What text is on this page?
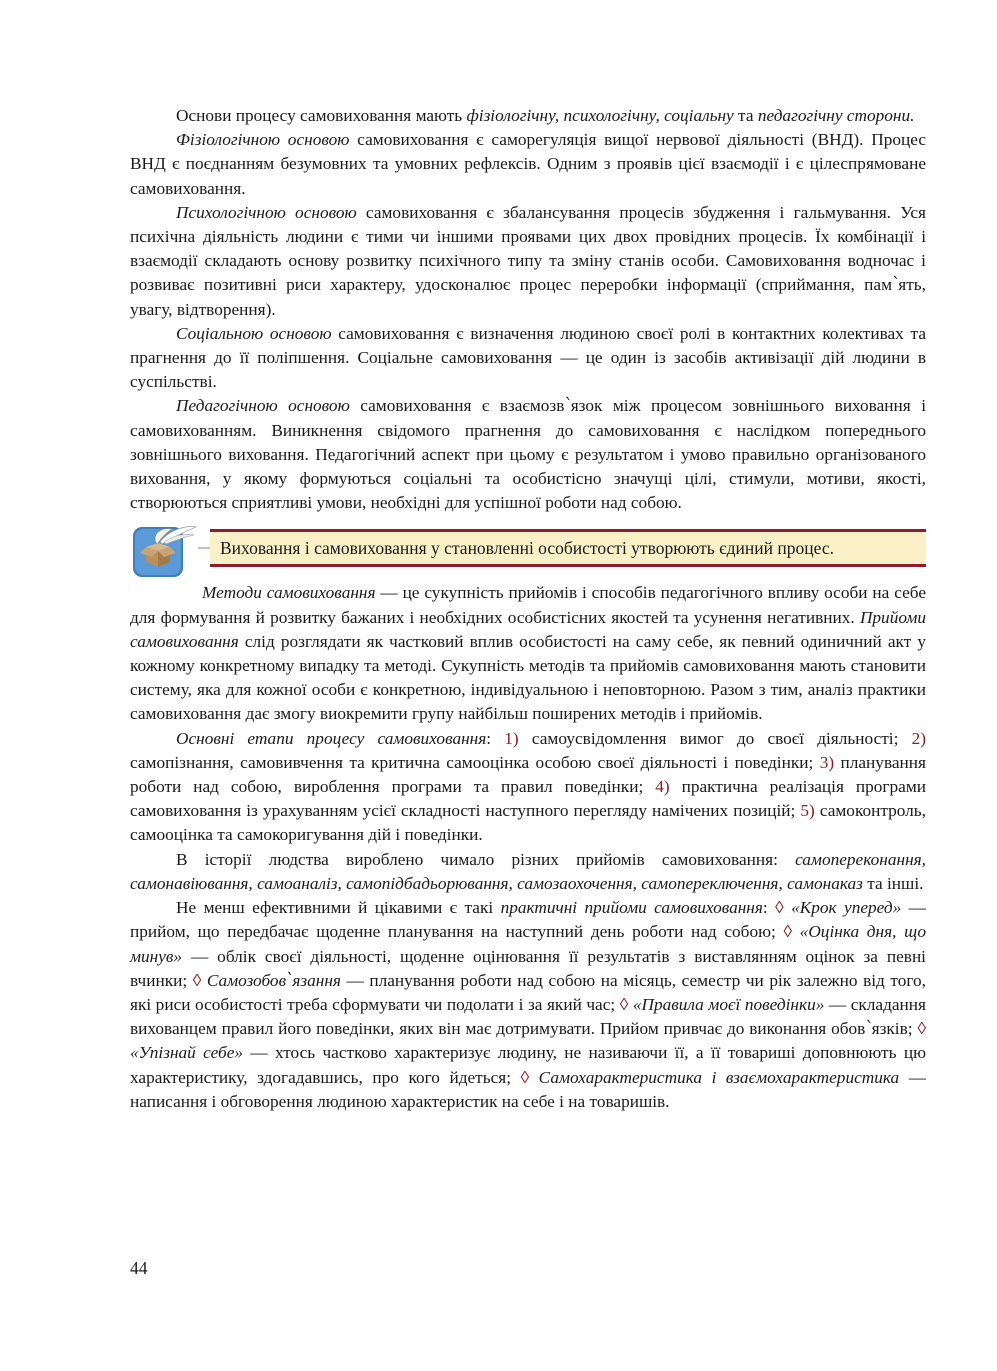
Основи процесу самовиховання мають фізіологічну, психологічну, соціальну та педагогічну сторони.

Фізіологічною основою самовиховання є саморегуляція вищої нервової діяльності (ВНД). Процес ВНД є поєднанням безумовних та умовних рефлексів. Одним з проявів цієї взаємодії і є цілеспрямоване самовиховання.

Психологічною основою самовиховання є збалансування процесів збудження і гальмування. Уся психічна діяльність людини є тими чи іншими проявами цих двох провідних процесів. Їх комбінації і взаємодії складають основу розвитку психічного типу та зміну станів особи. Самовиховання водночас і розвиває позитивні риси характеру, удосконалює процес переробки інформації (сприймання, пам՝ять, увагу, відтворення).

Соціальною основою самовиховання є визначення людиною своєї ролі в контактних колективах та прагнення до її поліпшення. Соціальне самовиховання — це один із засобів активізації дій людини в суспільстві.

Педагогічною основою самовиховання є взаємозв՝язок між процесом зовнішнього виховання і самовихованням. Виникнення свідомого прагнення до самовиховання є наслідком попереднього зовнішнього виховання. Педагогічний аспект при цьому є результатом і умово правильно організованого виховання, у якому формуються соціальні та особистісно значущі цілі, стимули, мотиви, якості, створюються сприятливі умови, необхідні для успішної роботи над собою.

Виховання і самовиховання у становленні особистості утворюють єдиний процес.

Методи самовиховання — це сукупність прийомів і способів педагогічного впливу особи на себе для формування й розвитку бажаних і необхідних особистісних якостей та усунення негативних. Прийоми самовиховання слід розглядати як частковий вплив особистості на саму себе, як певний одиничний акт у кожному конкретному випадку та методі. Сукупність методів та прийомів самовиховання мають становити систему, яка для кожної особи є конкретною, індивідуальною і неповторною. Разом з тим, аналіз практики самовиховання дає змогу виокремити групу найбільш поширених методів і прийомів.

Основні етапи процесу самовиховання: 1) самоусвідомлення вимог до своєї діяльності; 2) самопізнання, самовивчення та критична самооцінка особою своєї діяльності і поведінки; 3) планування роботи над собою, вироблення програми та правил поведінки; 4) практична реалізація програми самовиховання із урахуванням усієї складності наступного перегляду намічених позицій; 5) самоконтроль, самооцінка та самокоригування дій і поведінки.

В історії людства вироблено чимало різних прийомів самовиховання: самопереконання, самонавіювання, самоаналіз, самопідбадьорювання, самозаохочення, самопереключення, самонаказ та інші.

Не менш ефективними й цікавими є такі практичні прийоми самовиховання: ◊ «Крок уперед» — прийом, що передбачає щоденне планування на наступний день роботи над собою; ◊ «Оцінка дня, що минув» — облік своєї діяльності, щоденне оцінювання її результатів з виставлянням оцінок за певні вчинки; ◊ Самозобов՝язання — планування роботи над собою на місяць, семестр чи рік залежно від того, які риси особистості треба сформувати чи подолати і за який час; ◊ «Правила моєї поведінки» — складання вихованцем правил його поведінки, яких він має дотримувати. Прийом привчає до виконання обов՝язків; ◊ «Упізнай себе» — хтось частково характеризує людину, не називаючи її, а її товариші доповнюють цю характеристику, здогадавшись, про кого йдеться; ◊ Самохарактеристика і взаємохарактеристика — написання і обговорення людиною характеристик на себе і на товаришів.

44
